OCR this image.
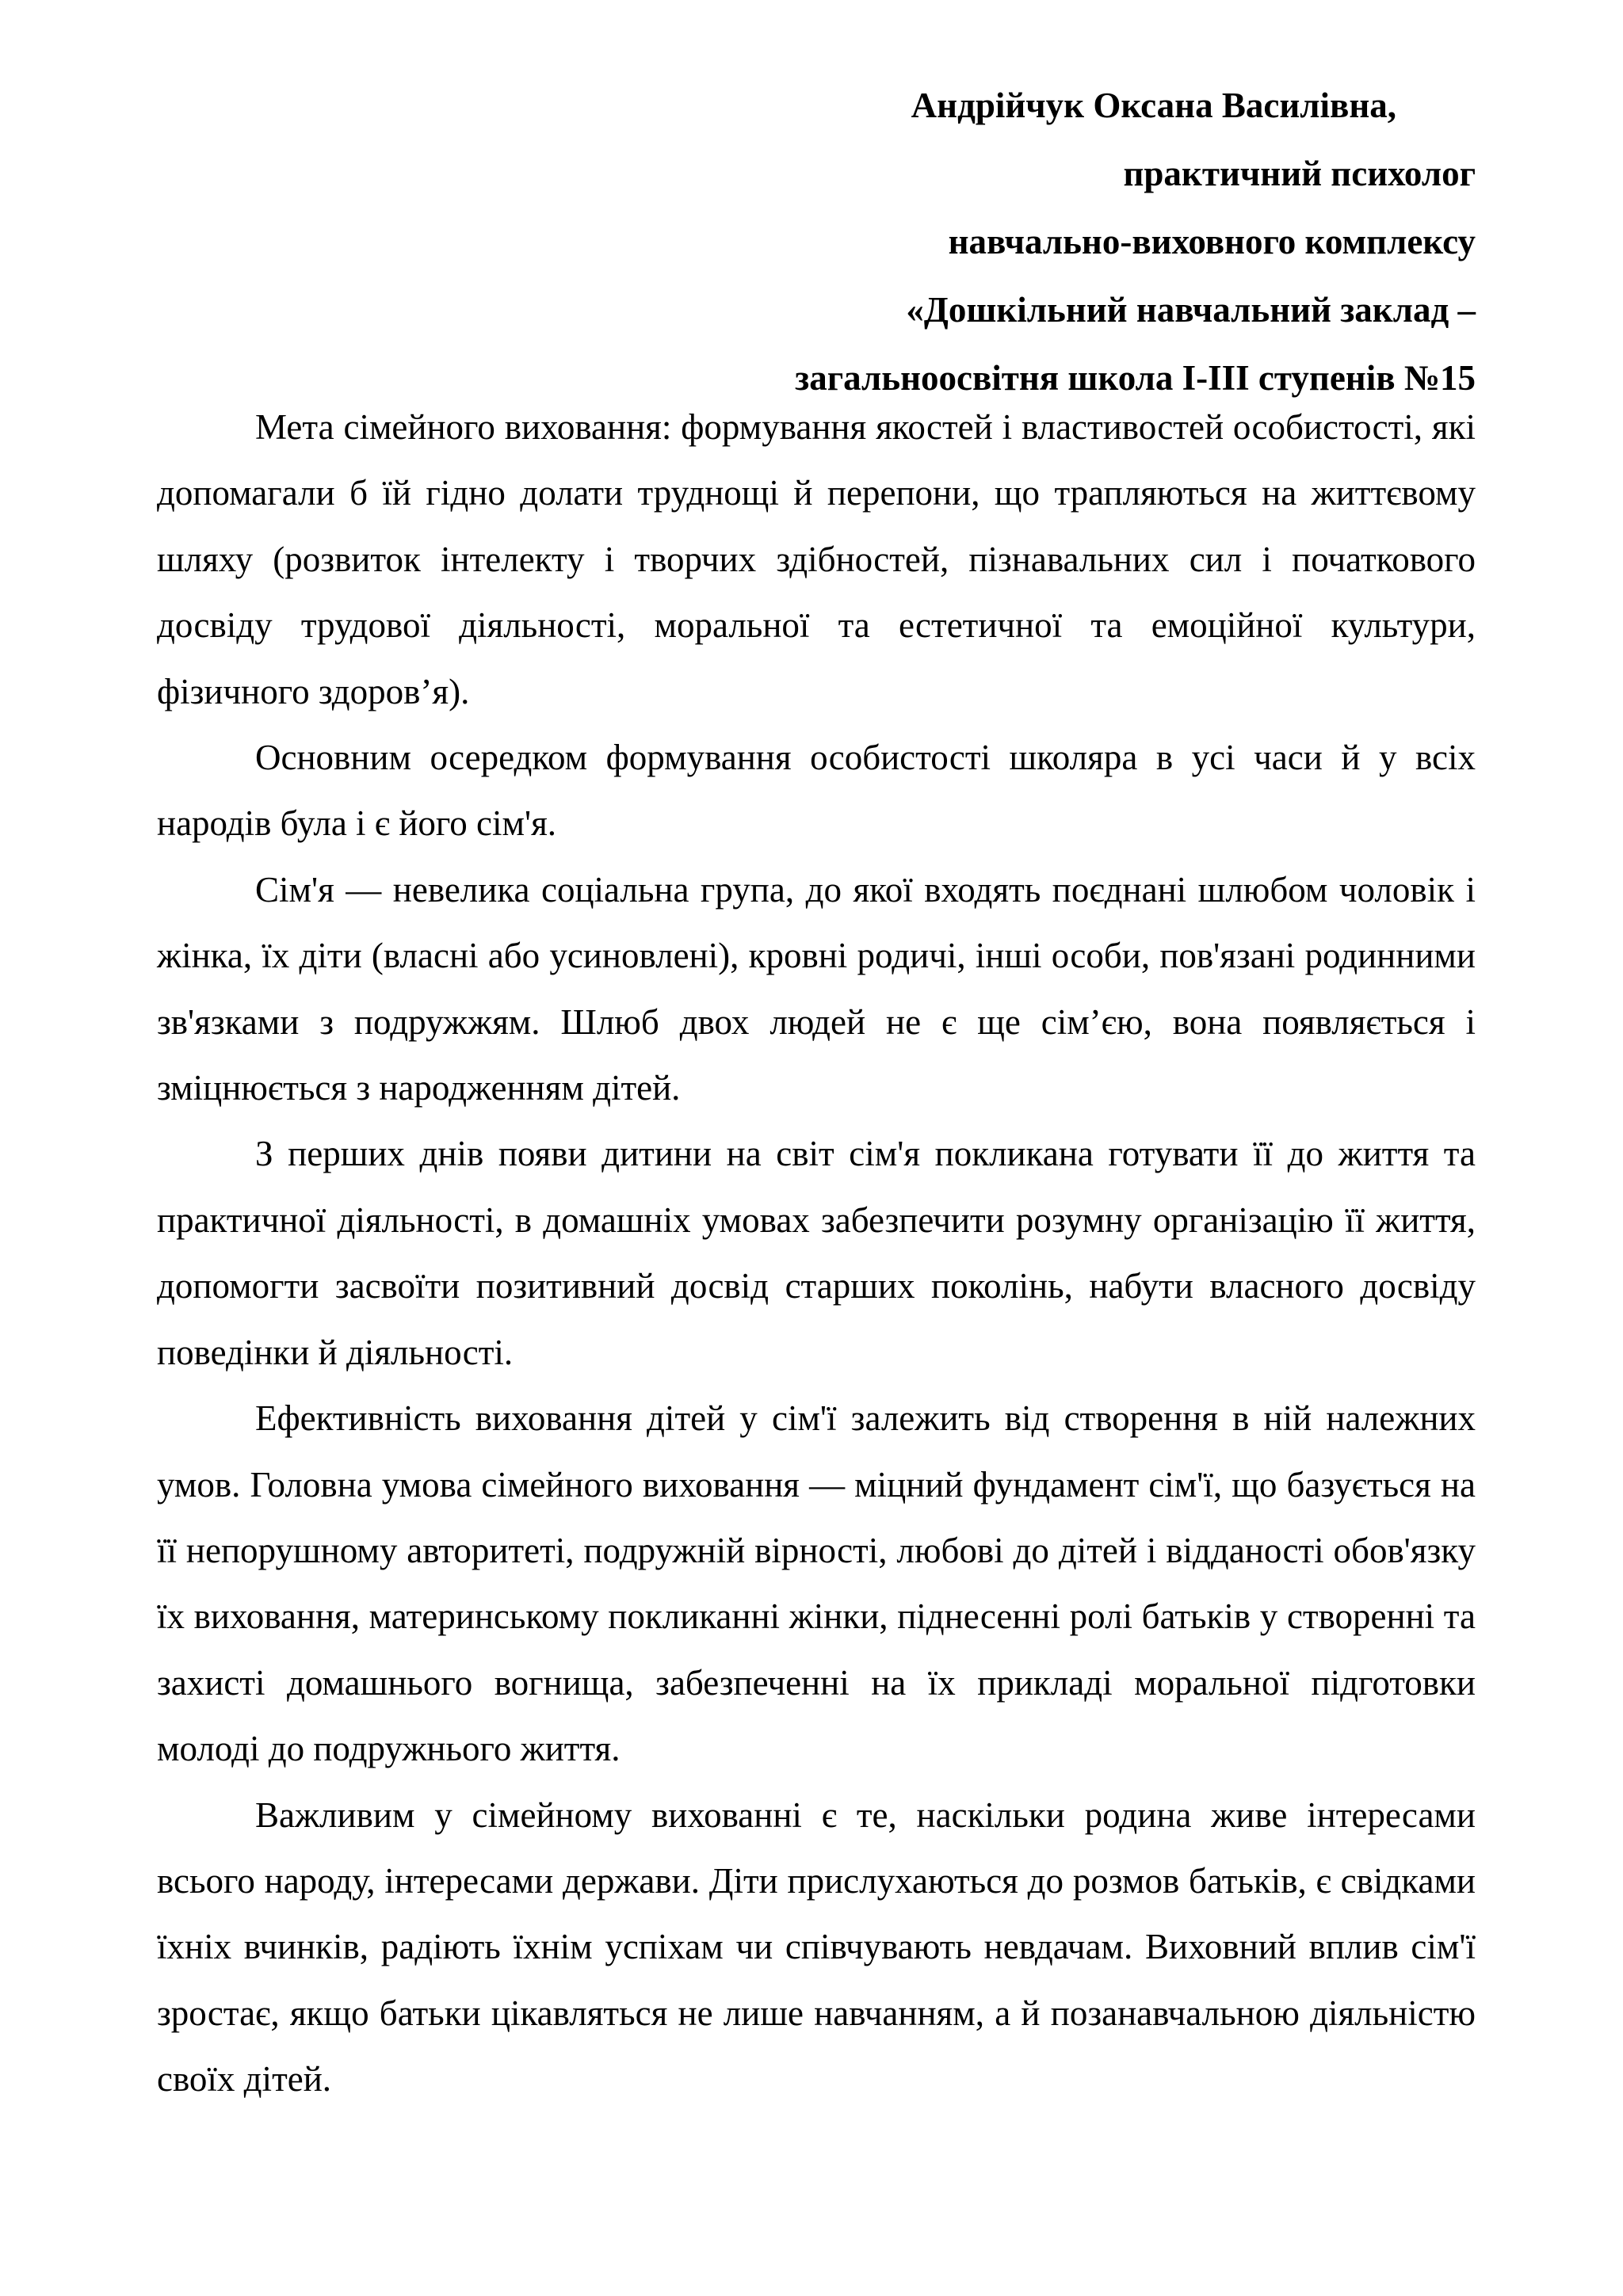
Андрійчук Оксана Василівна,
практичний психолог
навчально-виховного комплексу
«Дошкільний навчальний заклад –
загальноосвітня школа І-ІІІ ступенів №15

Мета сімейного виховання: формування якостей і властивостей особистості, які допомагали б їй гідно долати труднощі й перепони, що трапляються на життєвому шляху (розвиток інтелекту і творчих здібностей, пізнавальних сил і початкового досвіду трудової діяльності, моральної та естетичної та емоційної культури, фізичного здоров’я).

Основним осередком формування особистості школяра в усі часи й у всіх народів була і є його сім'я.

Сім'я — невелика соціальна група, до якої входять поєднані шлюбом чоловік і жінка, їх діти (власні або усиновлені), кровні родичі, інші особи, пов'язані родинними зв'язками з подружжям. Шлюб двох людей не є ще сім’єю, вона появляється і зміцнюється з народженням дітей.

З перших днів появи дитини на світ сім'я покликана готувати її до життя та практичної діяльності, в домашніх умовах забезпечити розумну організацію її життя, допомогти засвоїти позитивний досвід старших поколінь, набути власного досвіду поведінки й діяльності.

Ефективність виховання дітей у сім'ї залежить від створення в ній належних умов. Головна умова сімейного виховання — міцний фундамент сім'ї, що базується на її непорушному авторитеті, подружній вірності, любові до дітей і відданості обов'язку їх виховання, материнському покликанні жінки, піднесенні ролі батьків у створенні та захисті домашнього вогнища, забезпеченні на їх прикладі моральної підготовки молоді до подружнього життя.

Важливим у сімейному вихованні є те, наскільки родина живе інтересами всього народу, інтересами держави. Діти прислухаються до розмов батьків, є свідками їхніх вчинків, радіють їхнім успіхам чи співчувають невдачам. Виховний вплив сім'ї зростає, якщо батьки цікавляться не лише навчанням, а й позанавчальною діяльністю своїх дітей.
